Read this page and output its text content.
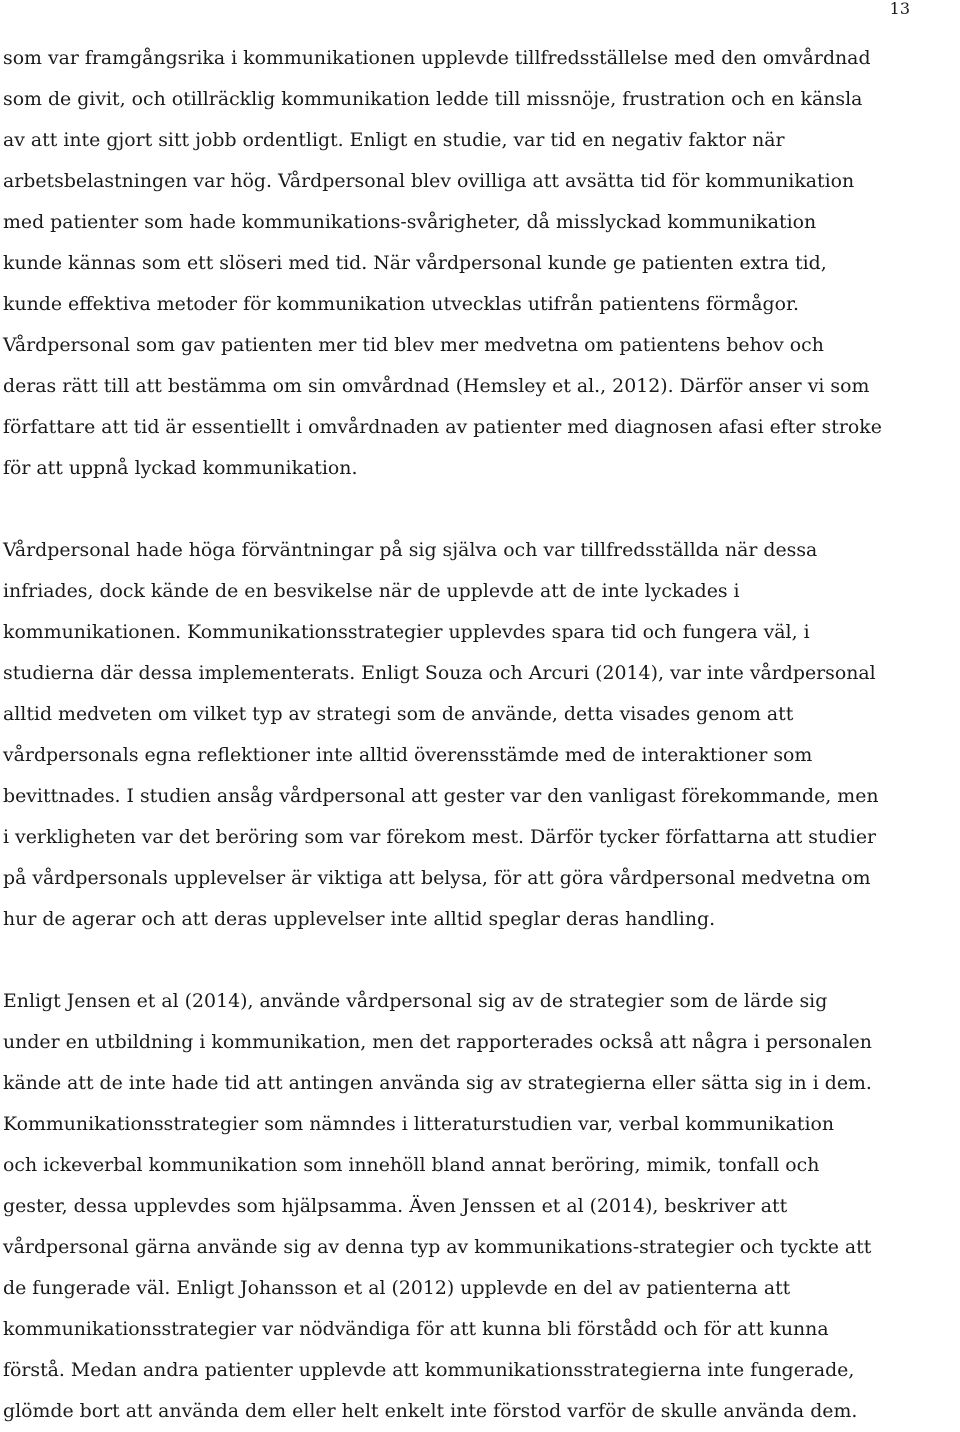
13

som var framgångsrika i kommunikationen upplevde tillfredsställelse med den omvårdnad
som de givit, och otillräcklig kommunikation ledde till missnöje, frustration och en känsla
av att inte gjort sitt jobb ordentligt. Enligt en studie, var tid en negativ faktor när
arbetsbelastningen var hög. Vårdpersonal blev ovilliga att avsätta tid för kommunikation
med patienter som hade kommunikations-svårigheter, då misslyckad kommunikation
kunde kännas som ett slöseri med tid. När vårdpersonal kunde ge patienten extra tid,
kunde effektiva metoder för kommunikation utvecklas utifrån patientens förmågor.
Vårdpersonal som gav patienten mer tid blev mer medvetna om patientens behov och
deras rätt till att bestämma om sin omvårdnad (Hemsley et al., 2012). Därför anser vi som
författare att tid är essentiellt i omvårdnaden av patienter med diagnosen afasi efter stroke
för att uppnå lyckad kommunikation.

Vårdpersonal hade höga förväntningar på sig själva och var tillfredsställda när dessa
infriades, dock kände de en besvikelse när de upplevde att de inte lyckades i
kommunikationen. Kommunikationsstrategier upplevdes spara tid och fungera väl, i
studierna där dessa implementerats. Enligt Souza och Arcuri (2014), var inte vårdpersonal
alltid medveten om vilket typ av strategi som de använde, detta visades genom att
vårdpersonals egna reflektioner inte alltid överensstämde med de interaktioner som
bevittnades. I studien ansåg vårdpersonal att gester var den vanligast förekommande, men
i verkligheten var det beröring som var förekom mest. Därför tycker författarna att studier
på vårdpersonals upplevelser är viktiga att belysa, för att göra vårdpersonal medvetna om
hur de agerar och att deras upplevelser inte alltid speglar deras handling.

Enligt Jensen et al (2014), använde vårdpersonal sig av de strategier som de lärde sig
under en utbildning i kommunikation, men det rapporterades också att några i personalen
kände att de inte hade tid att antingen använda sig av strategierna eller sätta sig in i dem.
Kommunikationsstrategier som nämndes i litteraturstudien var, verbal kommunikation
och ickeverbal kommunikation som innehöll bland annat beröring, mimik, tonfall och
gester, dessa upplevdes som hjälpsamma. Även Jenssen et al (2014), beskriver att
vårdpersonal gärna använde sig av denna typ av kommunikations-strategier och tyckte att
de fungerade väl. Enligt Johansson et al (2012) upplevde en del av patienterna att
kommunikationsstrategier var nödvändiga för att kunna bli förstådd och för att kunna
förstå. Medan andra patienter upplevde att kommunikationsstrategierna inte fungerade,
glömde bort att använda dem eller helt enkelt inte förstod varför de skulle använda dem.
